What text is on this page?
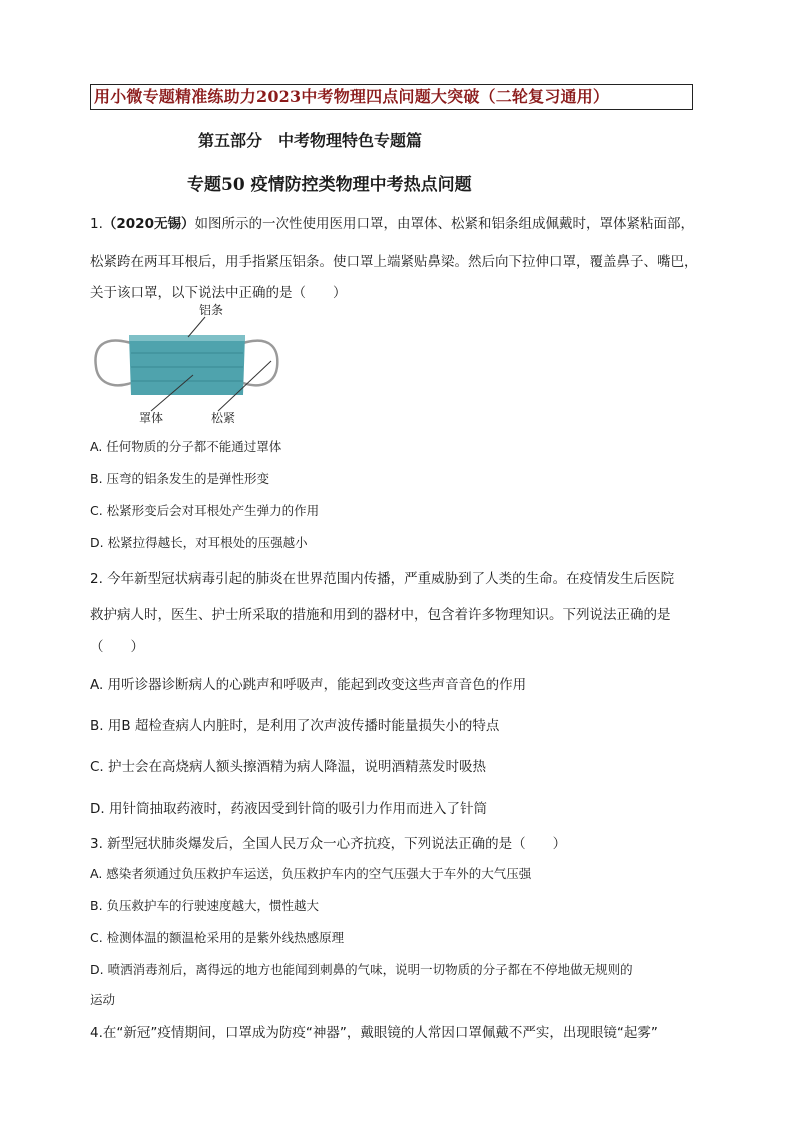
用小微专题精准练助力2023中考物理四点问题大突破（二轮复习通用）
第五部分　中考物理特色专题篇
专题50 疫情防控类物理中考热点问题
1.（2020无锡）如图所示的一次性使用医用口罩，由罩体、松紧和铝条组成佩戴时，罩体紧粘面部，
松紧跨在两耳耳根后，用手指紧压铝条。使口罩上端紧贴鼻梁。然后向下拉伸口罩，覆盖鼻子、嘴巴，
关于该口罩，以下说法中正确的是（　　）
铝条
罩体	松紧
A. 任何物质的分子都不能通过罩体
B. 压弯的铝条发生的是弹性形变
C. 松紧形变后会对耳根处产生弹力的作用
D. 松紧拉得越长，对耳根处的压强越小
2. 今年新型冠状病毒引起的肺炎在世界范围内传播，严重威胁到了人类的生命。在疫情发生后医院
救护病人时，医生、护士所采取的措施和用到的器材中，包含着许多物理知识。下列说法正确的是
（　　）
A. 用听诊器诊断病人的心跳声和呼吸声，能起到改变这些声音音色的作用
B. 用B 超检查病人内脏时，是利用了次声波传播时能量损失小的特点
C. 护士会在高烧病人额头擦酒精为病人降温，说明酒精蒸发时吸热
D. 用针筒抽取药液时，药液因受到针筒的吸引力作用而进入了针筒
3. 新型冠状肺炎爆发后，全国人民万众一心齐抗疫，下列说法正确的是（　　）
A. 感染者须通过负压救护车运送，负压救护车内的空气压强大于车外的大气压强
B. 负压救护车的行驶速度越大，惯性越大
C. 检测体温的额温枪采用的是紫外线热感原理
D. 喷洒消毒剂后，离得远的地方也能闻到刺鼻的气味，说明一切物质的分子都在不停地做无规则的
运动
4.在“新冠”疫情期间，口罩成为防疫“神器”，戴眼镜的人常因口罩佩戴不严实，出现眼镜“起雾”
